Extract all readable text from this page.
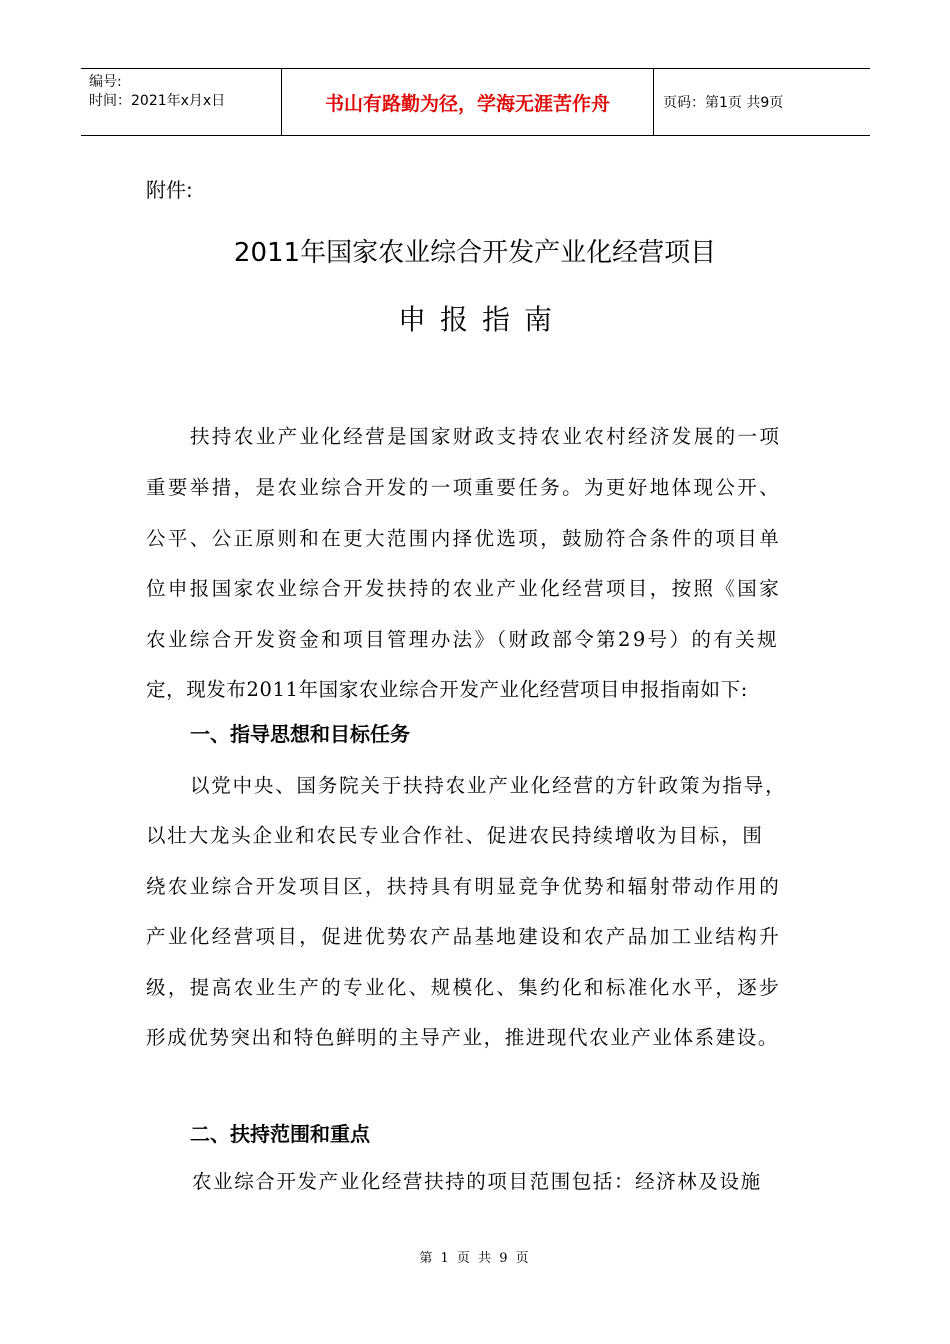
编号:
时间：2021年x月x日	书山有路勤为径，学海无涯苦作舟	页码：第1页 共9页
附件:
2011年国家农业综合开发产业化经营项目
申报指南
扶持农业产业化经营是国家财政支持农业农村经济发展的一项
重要举措，是农业综合开发的一项重要任务。为更好地体现公开、
公平、公正原则和在更大范围内择优选项，鼓励符合条件的项目单
位申报国家农业综合开发扶持的农业产业化经营项目，按照《国家
农业综合开发资金和项目管理办法》（财政部令第29号）的有关规
定，现发布2011年国家农业综合开发产业化经营项目申报指南如下:
一、指导思想和目标任务
以党中央、国务院关于扶持农业产业化经营的方针政策为指导，
以壮大龙头企业和农民专业合作社、促进农民持续增收为目标，围
绕农业综合开发项目区，扶持具有明显竞争优势和辐射带动作用的
产业化经营项目，促进优势农产品基地建设和农产品加工业结构升
级，提高农业生产的专业化、规模化、集约化和标准化水平，逐步
形成优势突出和特色鲜明的主导产业，推进现代农业产业体系建设。
二、扶持范围和重点
农业综合开发产业化经营扶持的项目范围包括：经济林及设施
第 1 页 共 9 页
